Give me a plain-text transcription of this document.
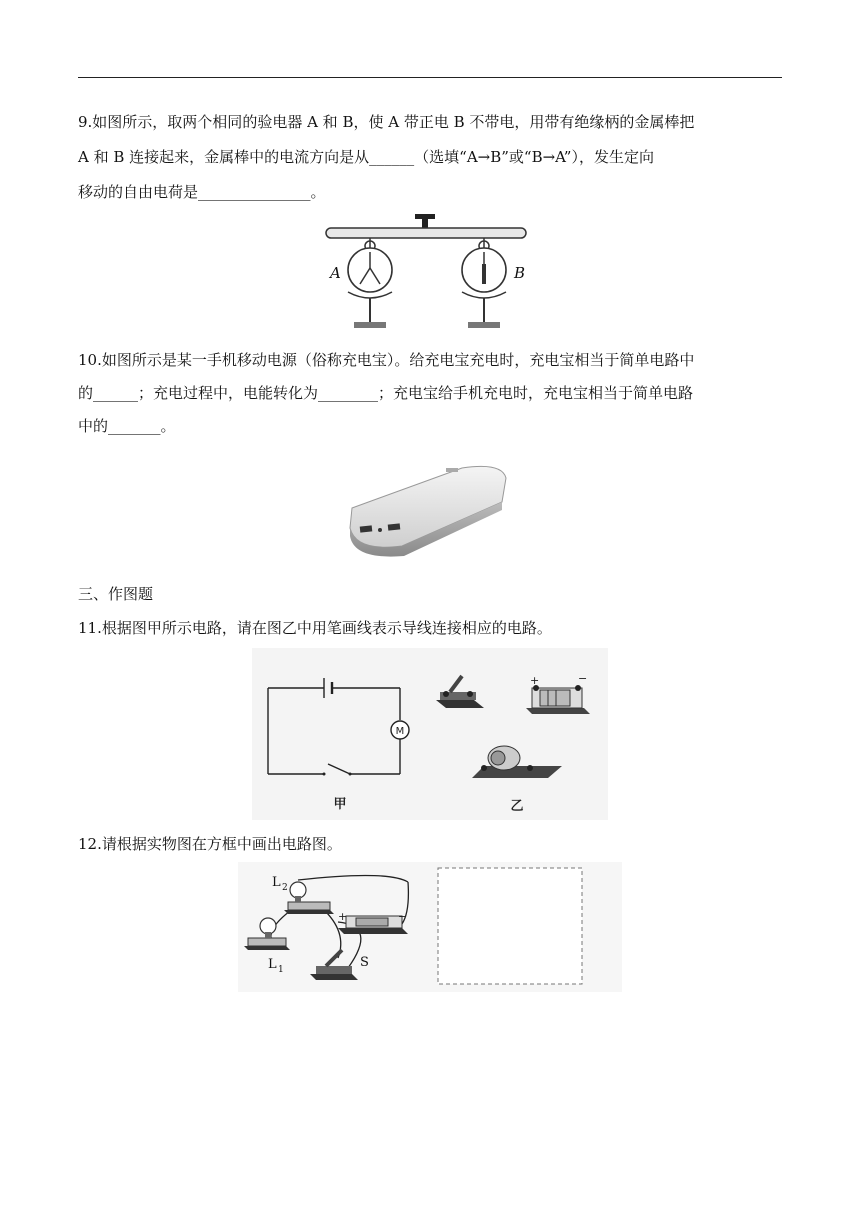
9.如图所示，取两个相同的验电器 A 和 B，使 A 带正电 B 不带电，用带有绝缘柄的金属棒把

A 和 B 连接起来，金属棒中的电流方向是从______（选填“A→B”或“B→A”），发生定向

移动的自由电荷是_______________。

A	B

10.如图所示是某一手机移动电源（俗称充电宝）。给充电宝充电时，充电宝相当于简单电路中

的______；充电过程中，电能转化为________；充电宝给手机充电时，充电宝相当于简单电路

中的_______。

三、作图题

11.根据图甲所示电路，请在图乙中用笔画线表示导线连接相应的电路。

M
甲
+	−
乙

12.请根据实物图在方框中画出电路图。

L 2
+	−
L 1	S
